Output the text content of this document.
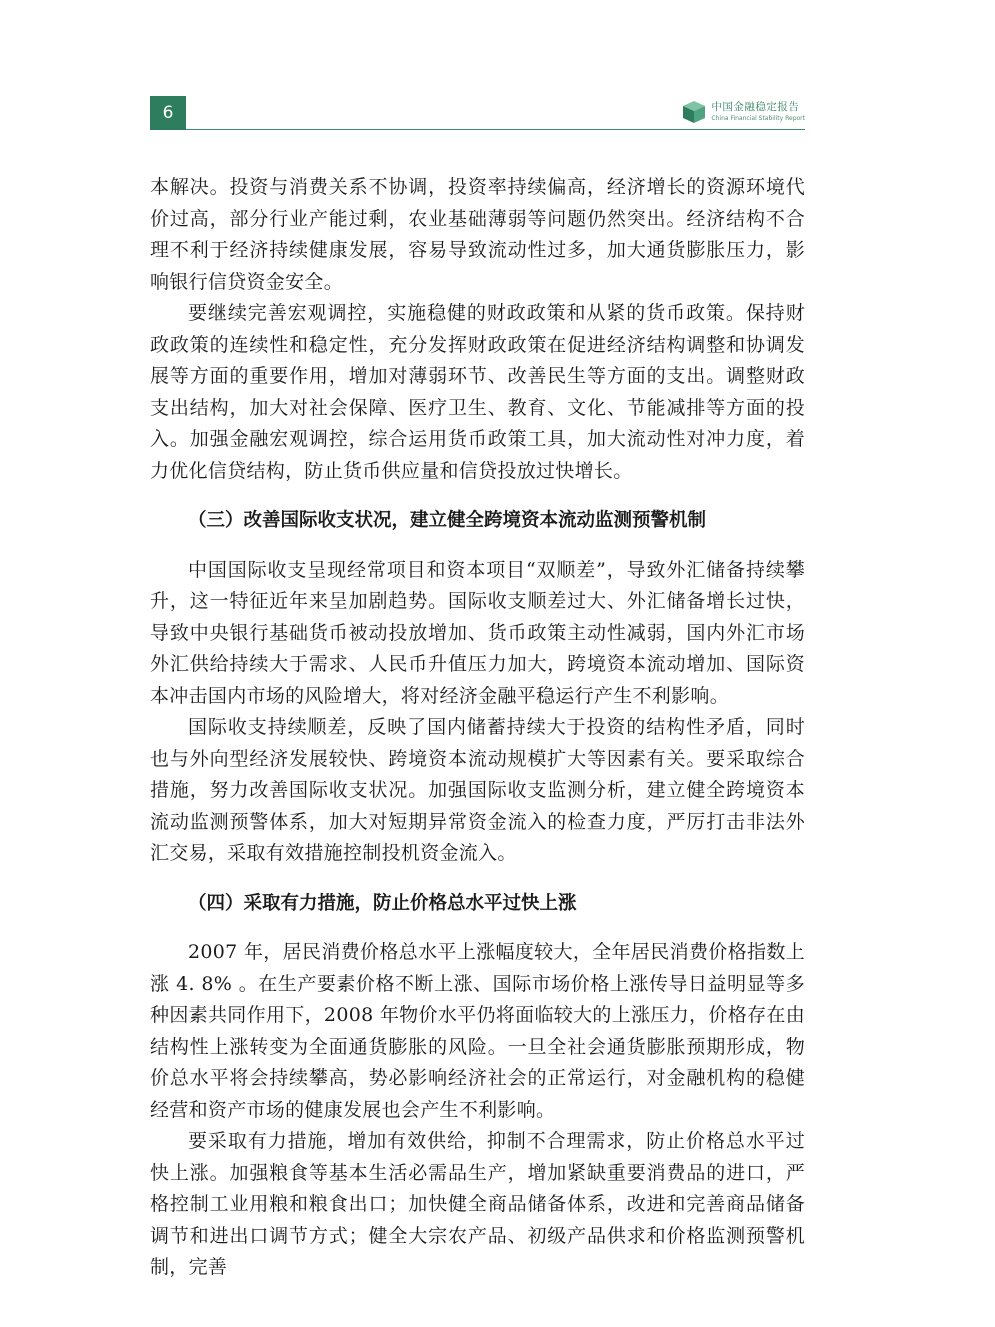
6	中国金融稳定报告
China Financial Stability Report

本解决。投资与消费关系不协调，投资率持续偏高，经济增长的资源环境代价过高，部分行业产能过剩，农业基础薄弱等问题仍然突出。经济结构不合理不利于经济持续健康发展，容易导致流动性过多，加大通货膨胀压力，影响银行信贷资金安全。

要继续完善宏观调控，实施稳健的财政政策和从紧的货币政策。保持财政政策的连续性和稳定性，充分发挥财政政策在促进经济结构调整和协调发展等方面的重要作用，增加对薄弱环节、改善民生等方面的支出。调整财政支出结构，加大对社会保障、医疗卫生、教育、文化、节能减排等方面的投入。加强金融宏观调控，综合运用货币政策工具，加大流动性对冲力度，着力优化信贷结构，防止货币供应量和信贷投放过快增长。

（三）改善国际收支状况，建立健全跨境资本流动监测预警机制

中国国际收支呈现经常项目和资本项目“双顺差”，导致外汇储备持续攀升，这一特征近年来呈加剧趋势。国际收支顺差过大、外汇储备增长过快，导致中央银行基础货币被动投放增加、货币政策主动性减弱，国内外汇市场外汇供给持续大于需求、人民币升值压力加大，跨境资本流动增加、国际资本冲击国内市场的风险增大，将对经济金融平稳运行产生不利影响。

国际收支持续顺差，反映了国内储蓄持续大于投资的结构性矛盾，同时也与外向型经济发展较快、跨境资本流动规模扩大等因素有关。要采取综合措施，努力改善国际收支状况。加强国际收支监测分析，建立健全跨境资本流动监测预警体系，加大对短期异常资金流入的检查力度，严厉打击非法外汇交易，采取有效措施控制投机资金流入。

（四）采取有力措施，防止价格总水平过快上涨

2007 年，居民消费价格总水平上涨幅度较大，全年居民消费价格指数上涨 4. 8% 。在生产要素价格不断上涨、国际市场价格上涨传导日益明显等多种因素共同作用下，2008 年物价水平仍将面临较大的上涨压力，价格存在由结构性上涨转变为全面通货膨胀的风险。一旦全社会通货膨胀预期形成，物价总水平将会持续攀高，势必影响经济社会的正常运行，对金融机构的稳健经营和资产市场的健康发展也会产生不利影响。

要采取有力措施，增加有效供给，抑制不合理需求，防止价格总水平过快上涨。加强粮食等基本生活必需品生产，增加紧缺重要消费品的进口，严格控制工业用粮和粮食出口；加快健全商品储备体系，改进和完善商品储备调节和进出口调节方式；健全大宗农产品、初级产品供求和价格监测预警机制，完善
